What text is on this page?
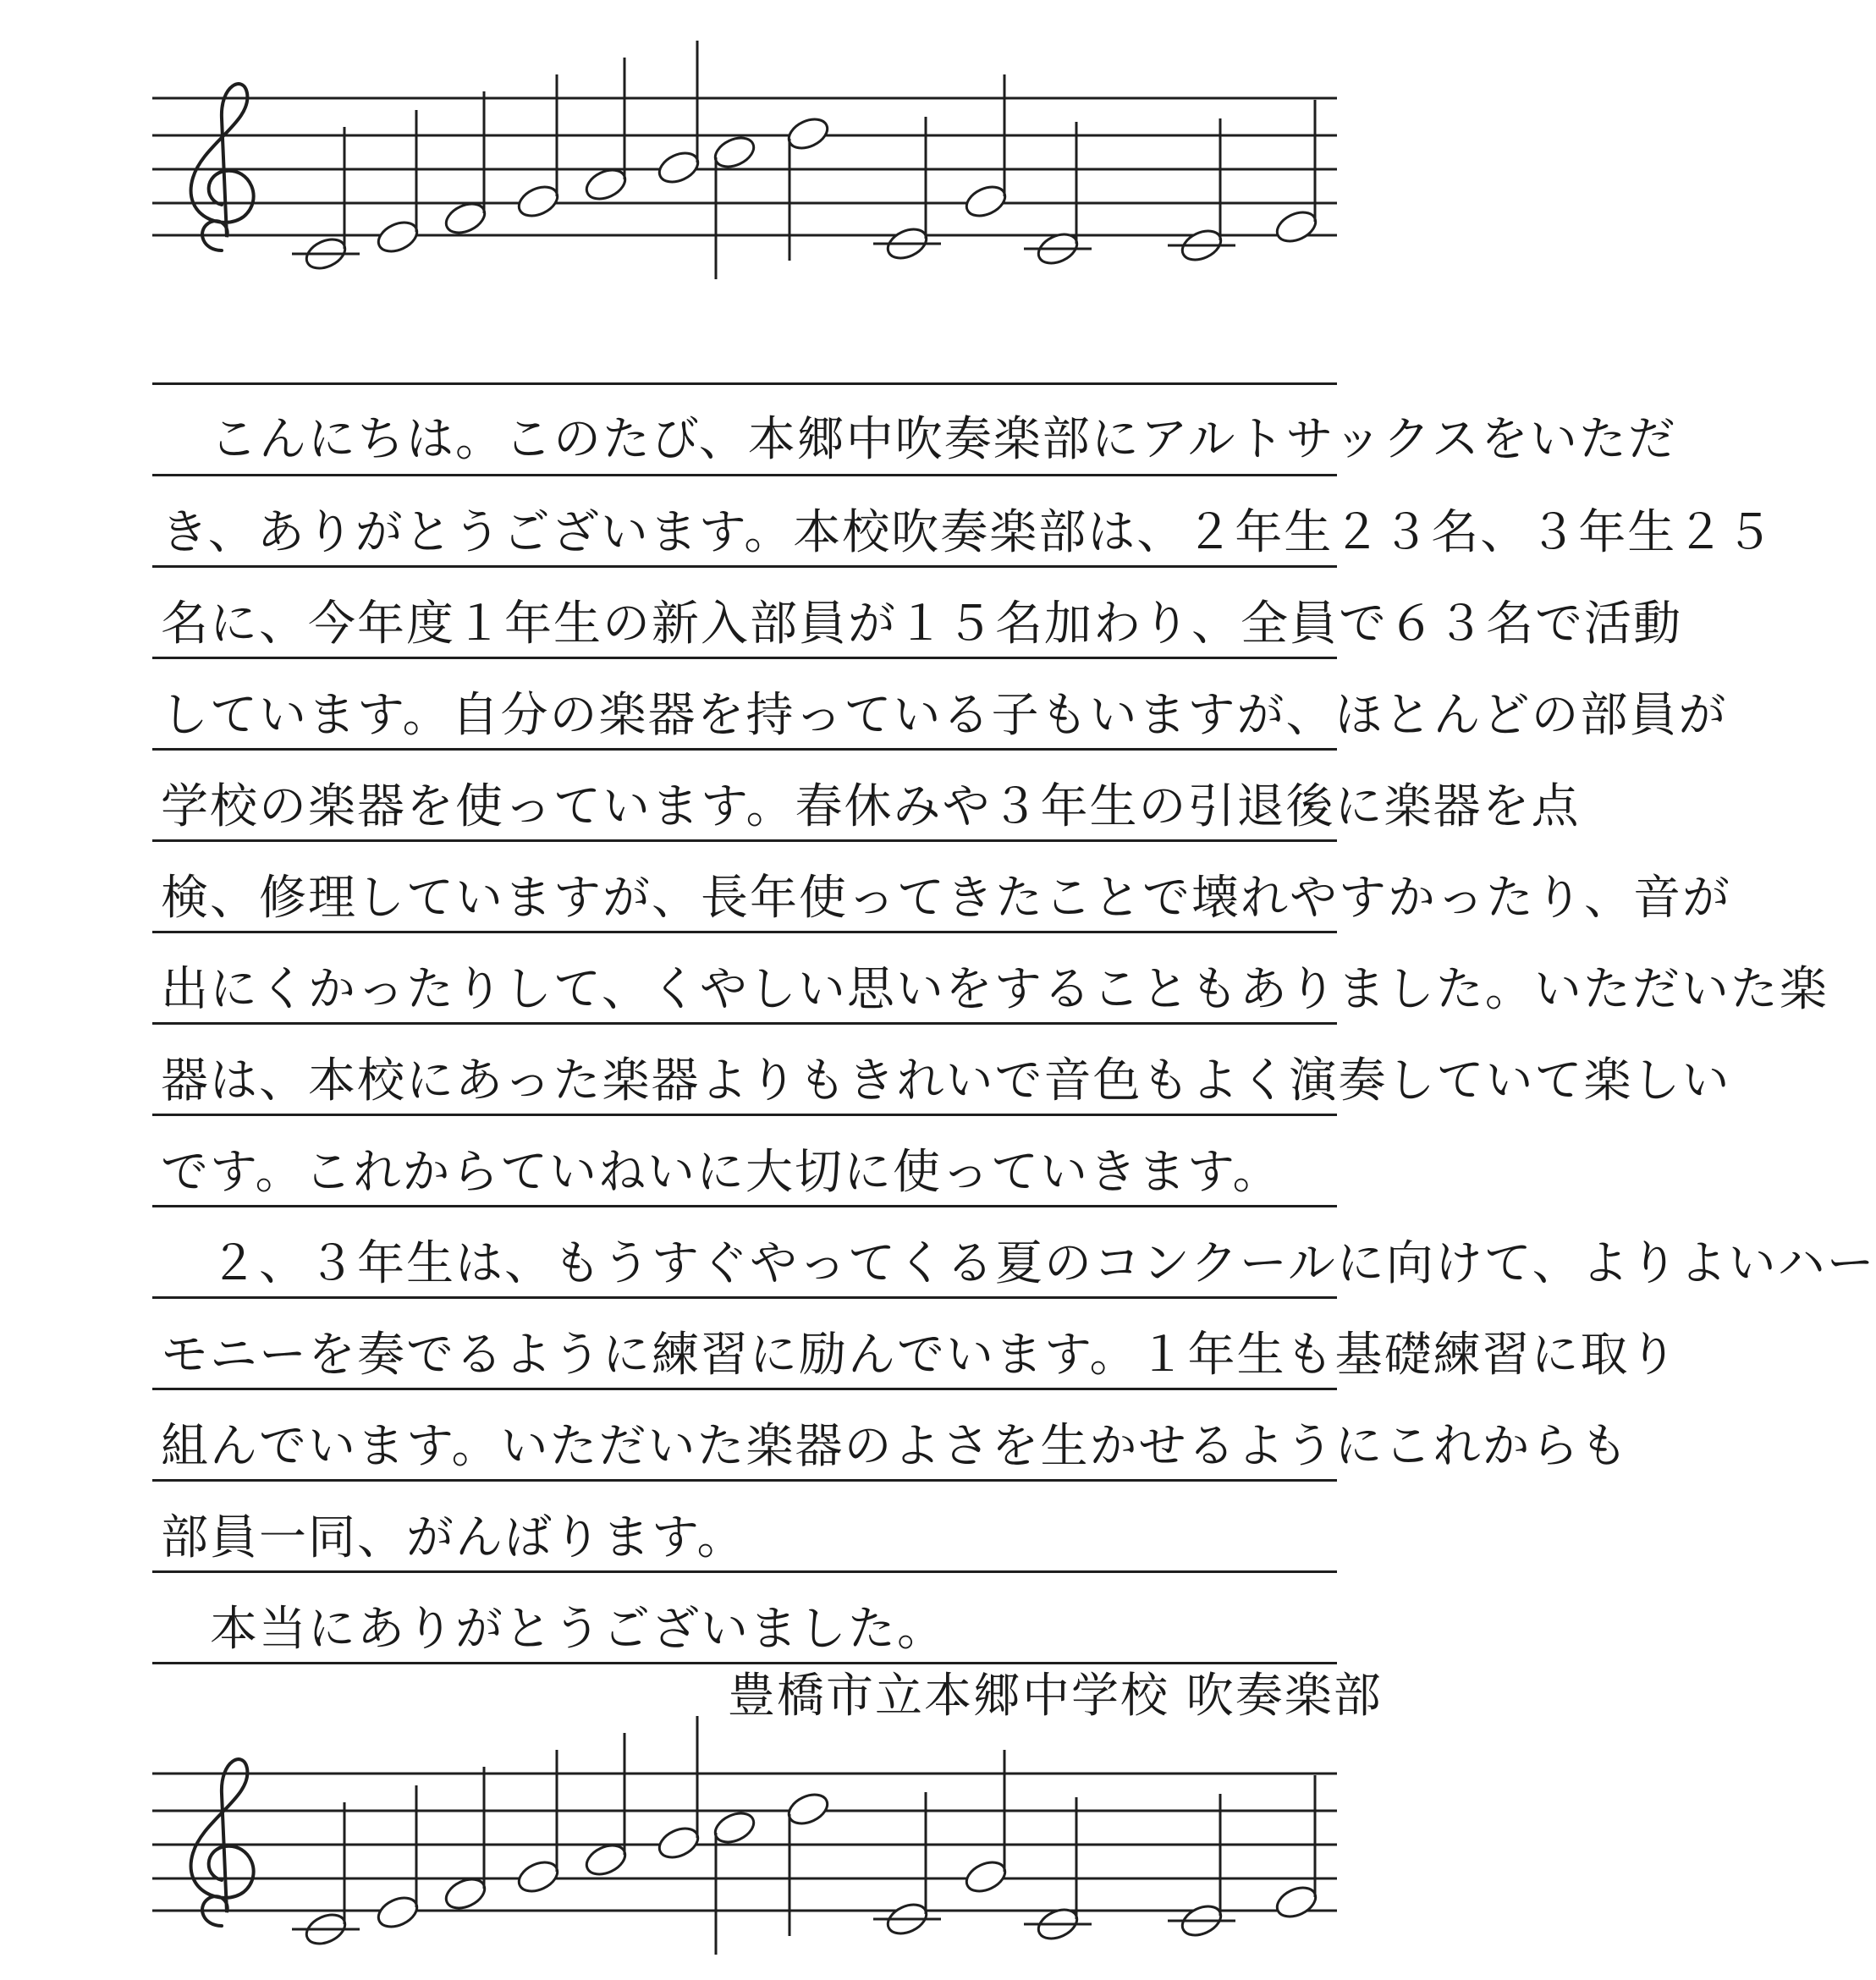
　こんにちは。このたび、本郷中吹奏楽部にアルトサックスをいただ
き、ありがとうございます。本校吹奏楽部は、２年生２３名、３年生２５
名に、今年度１年生の新入部員が１５名加わり、全員で６３名で活動
しています。自分の楽器を持っている子もいますが、ほとんどの部員が
学校の楽器を使っています。春休みや３年生の引退後に楽器を点
検、修理していますが、長年使ってきたことで壊れやすかったり、音が
出にくかったりして、くやしい思いをすることもありました。いただいた楽
器は、本校にあった楽器よりもきれいで音色もよく演奏していて楽しい
です。これからていねいに大切に使っていきます。
　２、３年生は、もうすぐやってくる夏のコンクールに向けて、よりよいハー
モニーを奏でるように練習に励んでいます。１年生も基礎練習に取り
組んでいます。いただいた楽器のよさを生かせるようにこれからも
部員一同、がんばります。
　本当にありがとうございました。
豊橋市立本郷中学校 吹奏楽部
